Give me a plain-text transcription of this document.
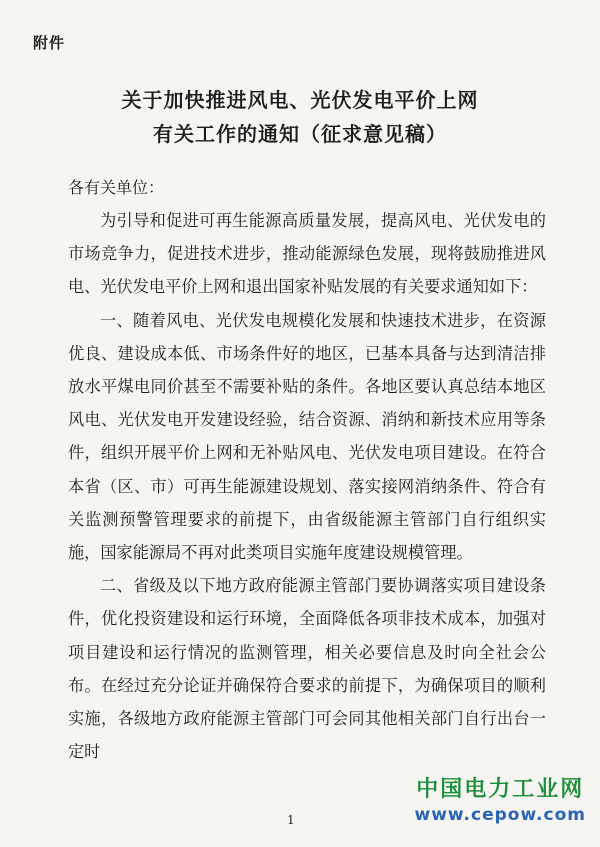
附件
关于加快推进风电、光伏发电平价上网
有关工作的通知（征求意见稿）
各有关单位：

为引导和促进可再生能源高质量发展，提高风电、光伏发电的市场竞争力，促进技术进步，推动能源绿色发展，现将鼓励推进风电、光伏发电平价上网和退出国家补贴发展的有关要求通知如下：

一、随着风电、光伏发电规模化发展和快速技术进步，在资源优良、建设成本低、市场条件好的地区，已基本具备与达到清洁排放水平煤电同价甚至不需要补贴的条件。各地区要认真总结本地区风电、光伏发电开发建设经验，结合资源、消纳和新技术应用等条件，组织开展平价上网和无补贴风电、光伏发电项目建设。在符合本省（区、市）可再生能源建设规划、落实接网消纳条件、符合有关监测预警管理要求的前提下，由省级能源主管部门自行组织实施，国家能源局不再对此类项目实施年度建设规模管理。

二、省级及以下地方政府能源主管部门要协调落实项目建设条件，优化投资建设和运行环境，全面降低各项非技术成本，加强对项目建设和运行情况的监测管理，相关必要信息及时向全社会公布。在经过充分论证并确保符合要求的前提下，为确保项目的顺利实施，各级地方政府能源主管部门可会同其他相关部门自行出台一定时

1
中国电力工业网
www.cepow.com
